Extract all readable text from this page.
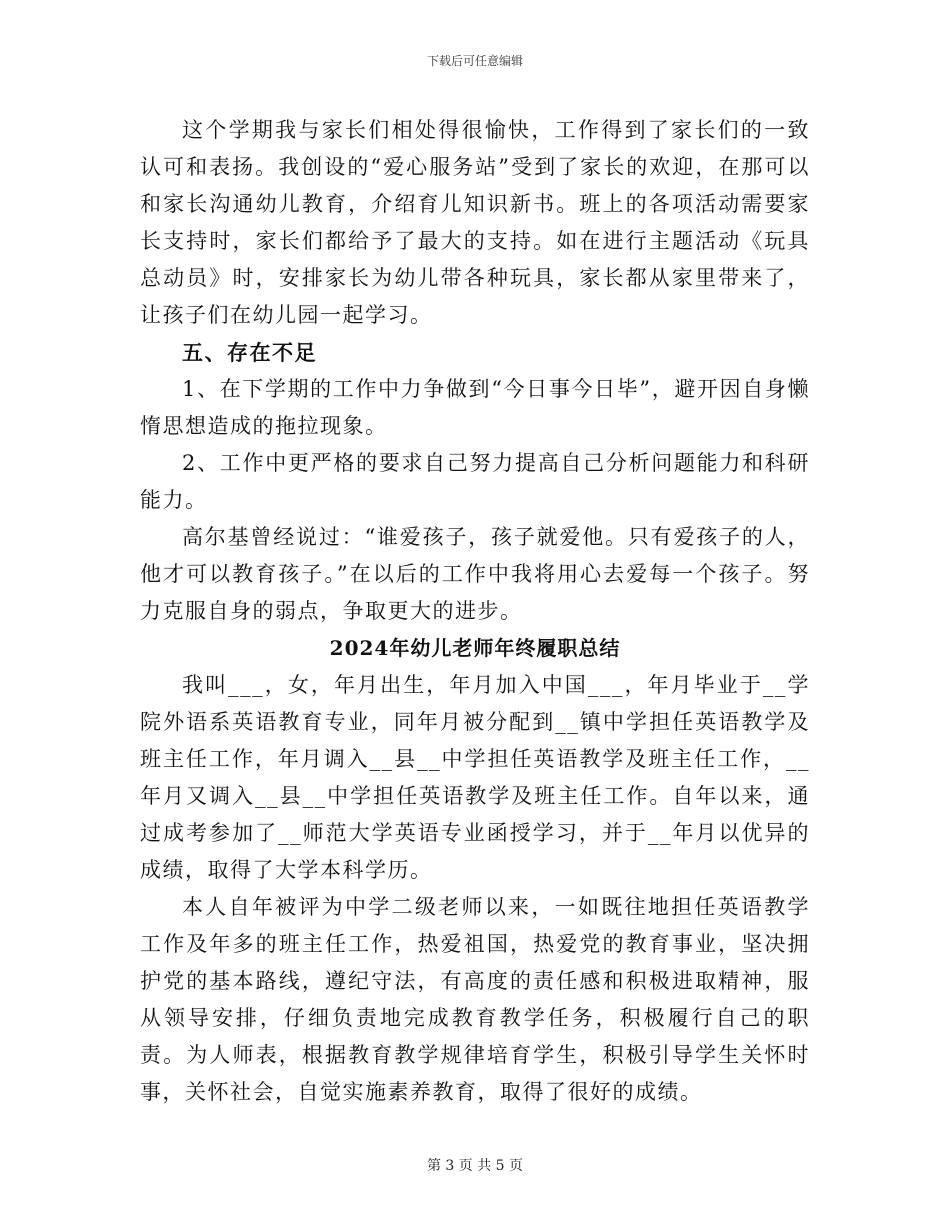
下载后可任意编辑

这个学期我与家长们相处得很愉快，工作得到了家长们的一致认可和表扬。我创设的“爱心服务站”受到了家长的欢迎，在那可以和家长沟通幼儿教育，介绍育儿知识新书。班上的各项活动需要家长支持时，家长们都给予了最大的支持。如在进行主题活动《玩具总动员》时，安排家长为幼儿带各种玩具，家长都从家里带来了，让孩子们在幼儿园一起学习。

五、存在不足

1、在下学期的工作中力争做到“今日事今日毕”，避开因自身懒惰思想造成的拖拉现象。

2、工作中更严格的要求自己努力提高自己分析问题能力和科研能力。

高尔基曾经说过：“谁爱孩子，孩子就爱他。只有爱孩子的人，他才可以教育孩子。”在以后的工作中我将用心去爱每一个孩子。努力克服自身的弱点，争取更大的进步。

2024年幼儿老师年终履职总结

我叫___，女，年月出生，年月加入中国___，年月毕业于__学院外语系英语教育专业，同年月被分配到__镇中学担任英语教学及班主任工作，年月调入__县__中学担任英语教学及班主任工作，__年月又调入__县__中学担任英语教学及班主任工作。自年以来，通过成考参加了__师范大学英语专业函授学习，并于__年月以优异的成绩，取得了大学本科学历。

本人自年被评为中学二级老师以来，一如既往地担任英语教学工作及年多的班主任工作，热爱祖国，热爱党的教育事业，坚决拥护党的基本路线，遵纪守法，有高度的责任感和积极进取精神，服从领导安排，仔细负责地完成教育教学任务，积极履行自己的职责。为人师表，根据教育教学规律培育学生，积极引导学生关怀时事，关怀社会，自觉实施素养教育，取得了很好的成绩。

第 3 页 共 5 页
